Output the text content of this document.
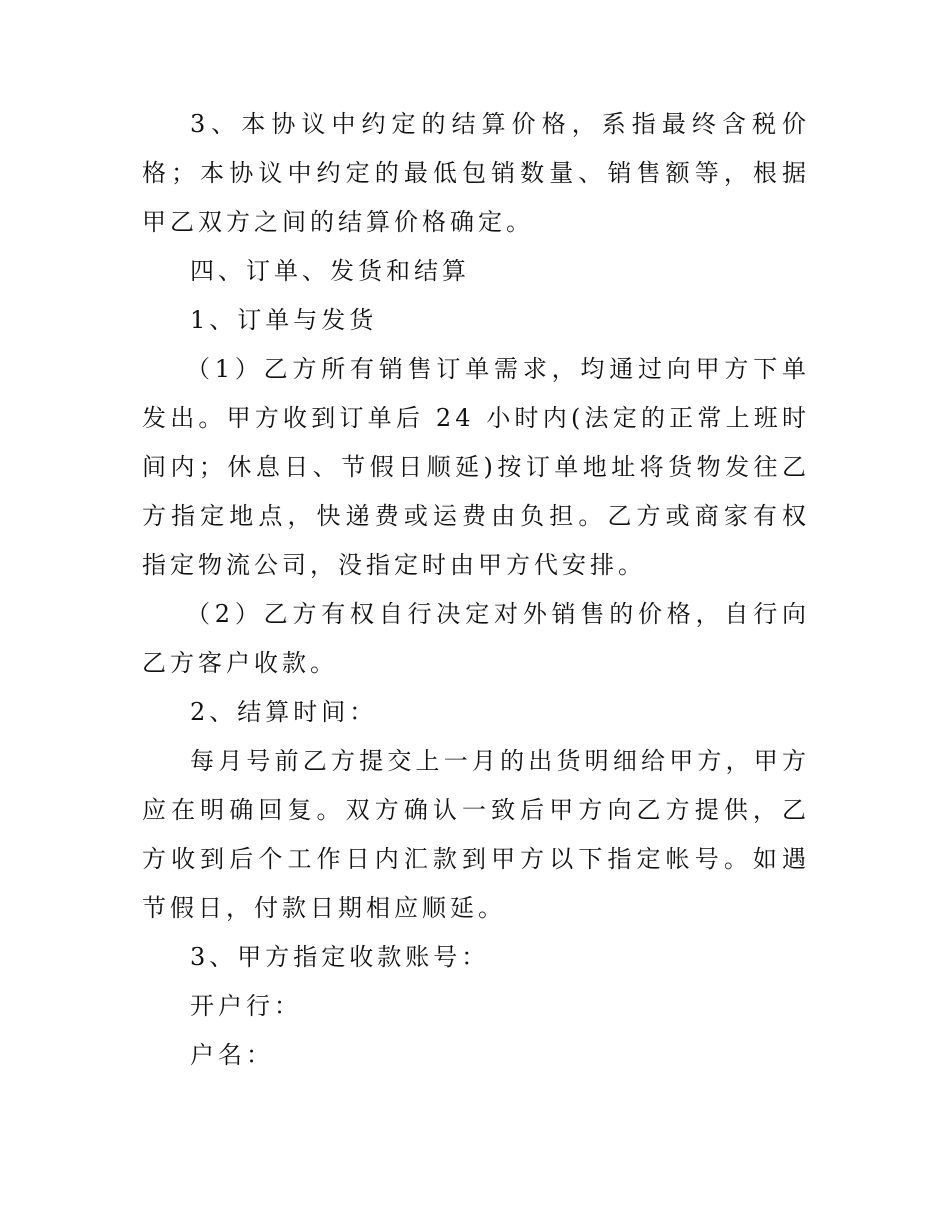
3、本协议中约定的结算价格，系指最终含税价格；本协议中约定的最低包销数量、销售额等，根据甲乙双方之间的结算价格确定。

四、订单、发货和结算

1、订单与发货

（1）乙方所有销售订单需求，均通过向甲方下单发出。甲方收到订单后 24 小时内(法定的正常上班时间内；休息日、节假日顺延)按订单地址将货物发往乙方指定地点，快递费或运费由负担。乙方或商家有权指定物流公司，没指定时由甲方代安排。

（2）乙方有权自行决定对外销售的价格，自行向乙方客户收款。

2、结算时间：

每月号前乙方提交上一月的出货明细给甲方，甲方应在明确回复。双方确认一致后甲方向乙方提供，乙方收到后个工作日内汇款到甲方以下指定帐号。如遇节假日，付款日期相应顺延。

3、甲方指定收款账号：

开户行：

户名：
